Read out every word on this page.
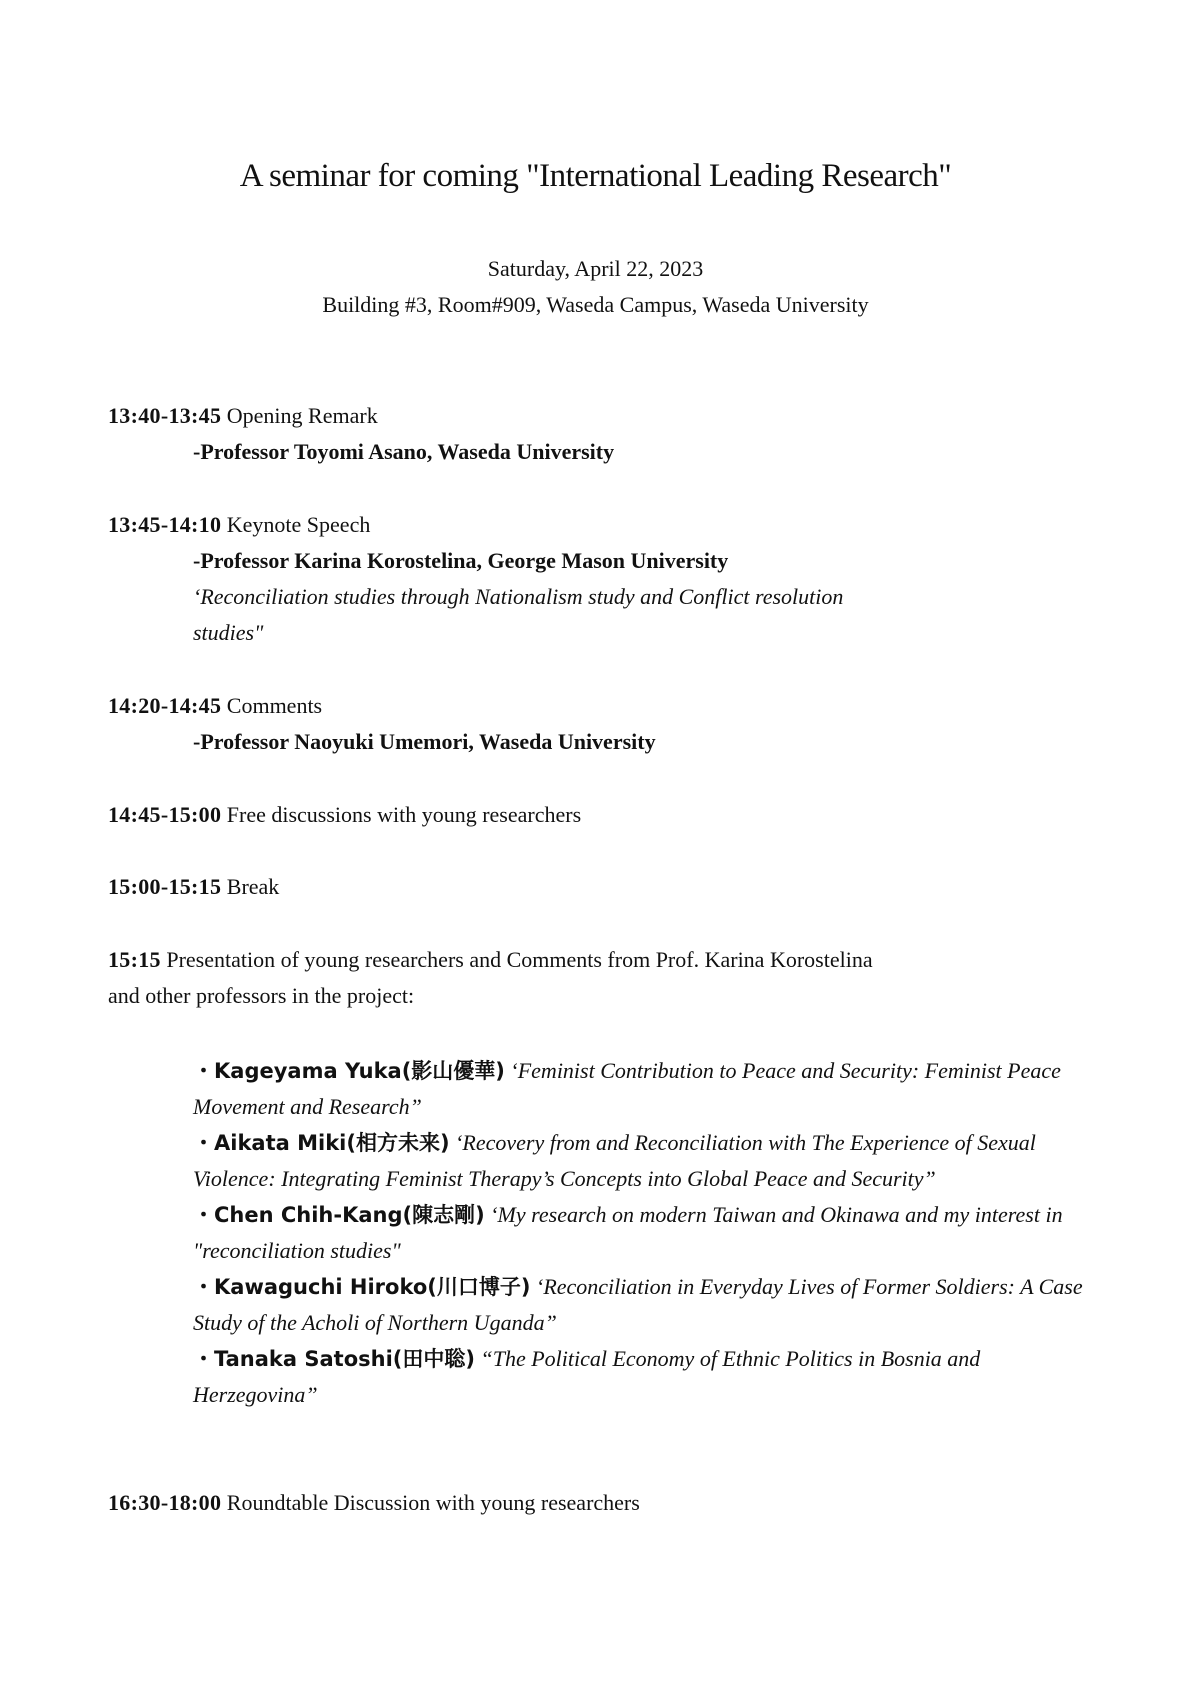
A seminar for coming "International Leading Research"
Saturday, April 22, 2023
Building #3, Room#909, Waseda Campus, Waseda University
13:40-13:45 Opening Remark
-Professor Toyomi Asano, Waseda University
13:45-14:10 Keynote Speech
-Professor Karina Korostelina, George Mason University
‘Reconciliation studies through Nationalism study and Conflict resolution
studies"
14:20-14:45 Comments
-Professor Naoyuki Umemori, Waseda University
14:45-15:00 Free discussions with young researchers
15:00-15:15 Break
15:15 Presentation of young researchers and Comments from Prof. Karina Korostelina
and other professors in the project:

・Kageyama Yuka(影山優華) ‘Feminist Contribution to Peace and Security: Feminist Peace Movement and Research”

・Aikata Miki(相方未来) ‘Recovery from and Reconciliation with The Experience of Sexual Violence: Integrating Feminist Therapy’s Concepts into Global Peace and Security”

・Chen Chih-Kang(陳志剛) ‘My research on modern Taiwan and Okinawa and my interest in "reconciliation studies"

・Kawaguchi Hiroko(川口博子) ‘Reconciliation in Everyday Lives of Former Soldiers: A Case Study of the Acholi of Northern Uganda”

・Tanaka Satoshi(田中聡) “The Political Economy of Ethnic Politics in Bosnia and Herzegovina”

16:30-18:00 Roundtable Discussion with young researchers
